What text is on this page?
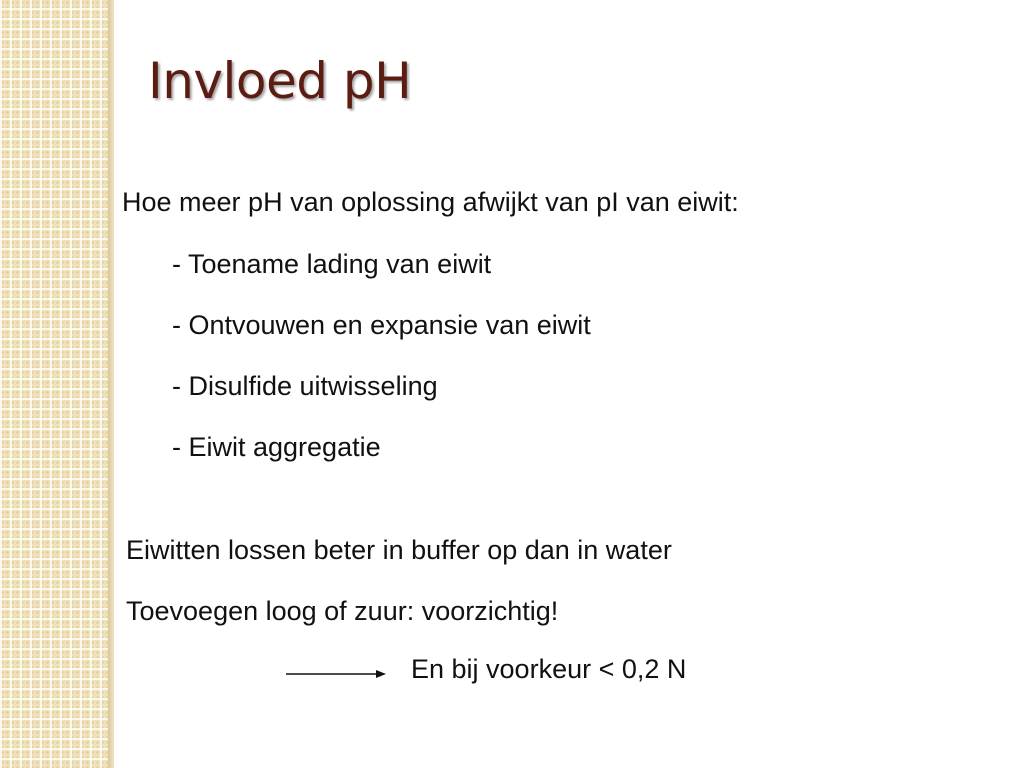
Invloed pH
Hoe meer pH van oplossing afwijkt van pI van eiwit:
- Toename lading van eiwit
- Ontvouwen en expansie van eiwit
- Disulfide uitwisseling
- Eiwit aggregatie
Eiwitten lossen beter in buffer op dan in water
Toevoegen loog of zuur: voorzichtig!
En bij voorkeur < 0,2 N
